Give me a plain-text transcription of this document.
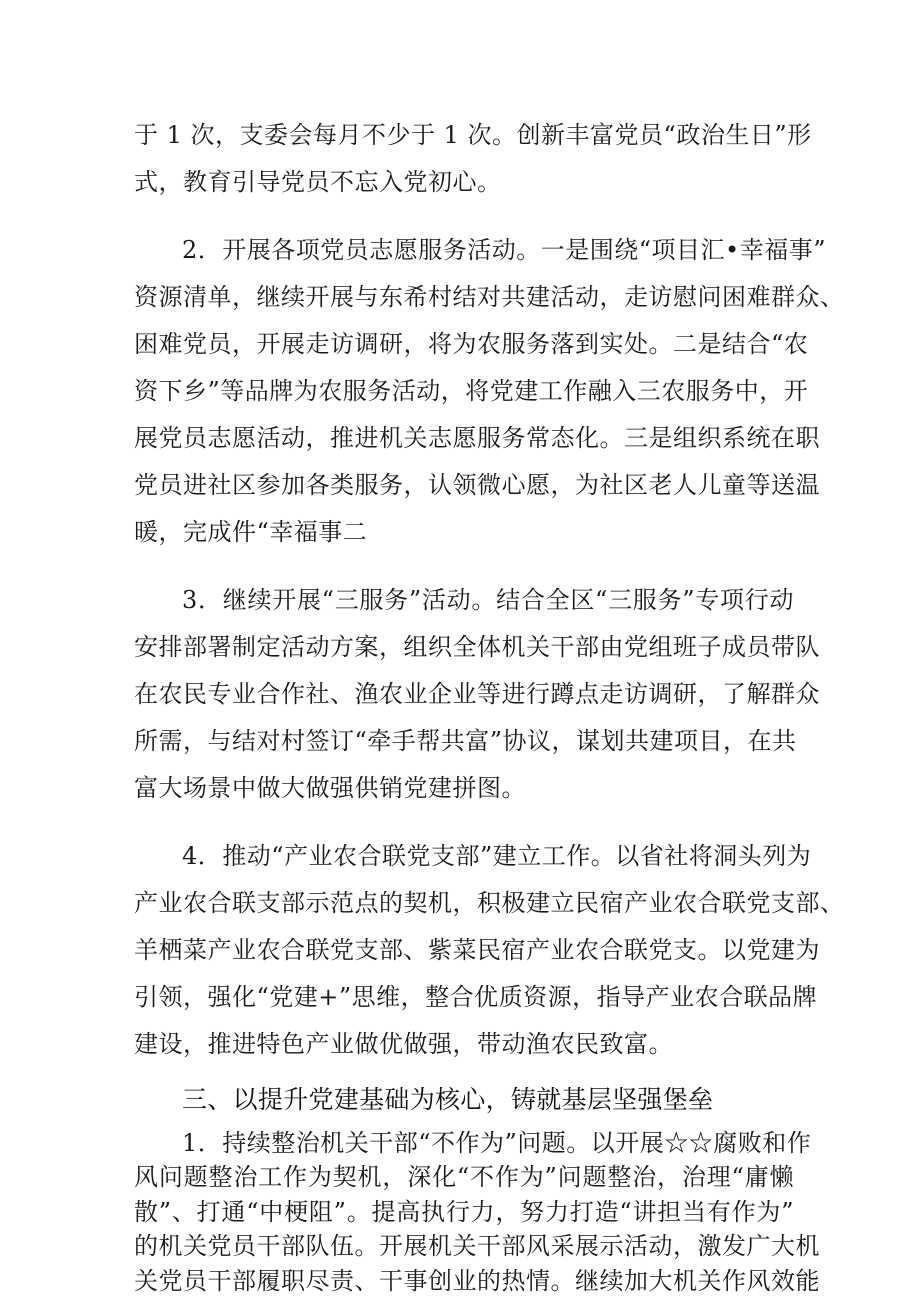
于 1 次，支委会每月不少于 1 次。创新丰富党员“政治生日”形
式，教育引导党员不忘入党初心。
2．开展各项党员志愿服务活动。一是围绕“项目汇•幸福事”
资源清单，继续开展与东希村结对共建活动，走访慰问困难群众、
困难党员，开展走访调研，将为农服务落到实处。二是结合“农
资下乡”等品牌为农服务活动，将党建工作融入三农服务中，开
展党员志愿活动，推进机关志愿服务常态化。三是组织系统在职
党员进社区参加各类服务，认领微心愿，为社区老人儿童等送温
暖，完成件“幸福事二
3．继续开展“三服务”活动。结合全区“三服务”专项行动
安排部署制定活动方案，组织全体机关干部由党组班子成员带队
在农民专业合作社、渔农业企业等进行蹲点走访调研，了解群众
所需，与结对村签订“牵手帮共富”协议，谋划共建项目，在共
富大场景中做大做强供销党建拼图。
4．推动“产业农合联党支部”建立工作。以省社将洞头列为
产业农合联支部示范点的契机，积极建立民宿产业农合联党支部、
羊栖菜产业农合联党支部、紫菜民宿产业农合联党支。以党建为
引领，强化“党建+”思维，整合优质资源，指导产业农合联品牌
建设，推进特色产业做优做强，带动渔农民致富。
三、以提升党建基础为核心，铸就基层坚强堡垒
1．持续整治机关干部“不作为”问题。以开展☆☆腐败和作
风问题整治工作为契机，深化“不作为”问题整治，治理“庸懒
散”、打通“中梗阻”。提高执行力，努力打造“讲担当有作为”
的机关党员干部队伍。开展机关干部风采展示活动，激发广大机
关党员干部履职尽责、干事创业的热情。继续加大机关作风效能
